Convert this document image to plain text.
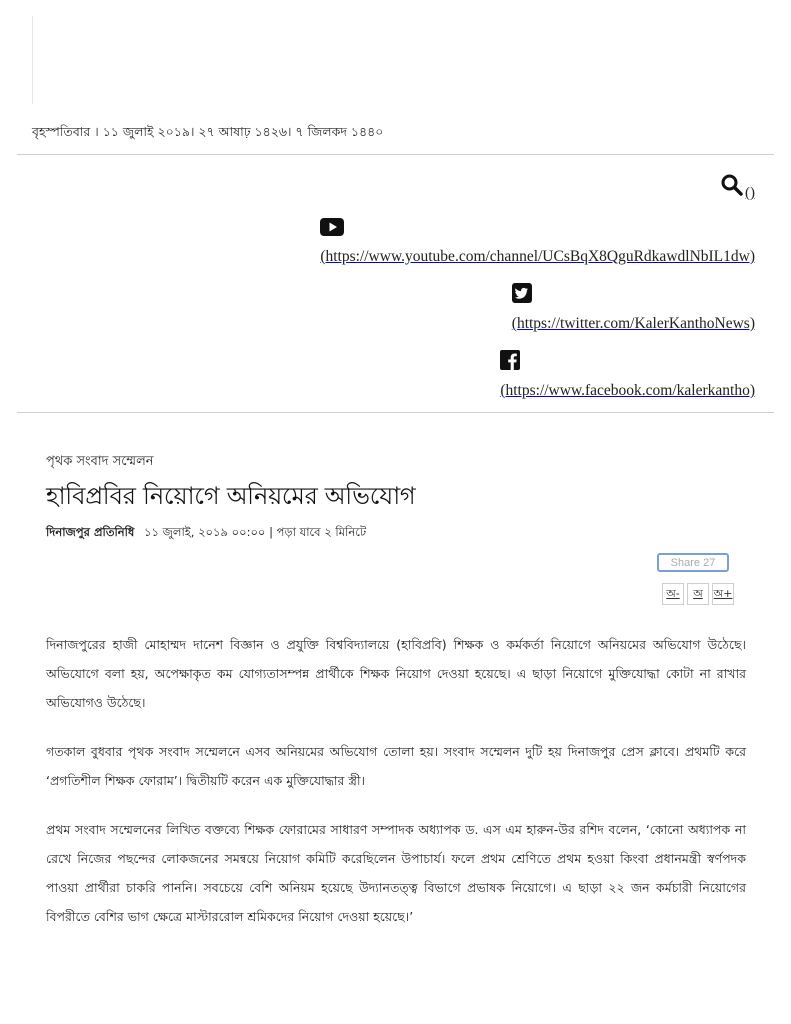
বৃহস্পতিবার । ১১ জুলাই ২০১৯। ২৭ আষাঢ় ১৪২৬। ৭ জিলকদ ১৪৪০
()
(https://www.youtube.com/channel/UCsBqX8QguRdkawdlNbIL1dw)
(https://twitter.com/KalerKanthoNews)
(https://www.facebook.com/kalerkantho)
পৃথক সংবাদ সম্মেলন
হাবিপ্রবির নিয়োগে অনিয়মের অভিযোগ
দিনাজপুর প্রতিনিধি ১১ জুলাই, ২০১৯ ০০:০০ | পড়া যাবে ২ মিনিটে
Share 27
অ-	অ অ+

দিনাজপুরের হাজী মোহাম্মদ দানেশ বিজ্ঞান ও প্রযুক্তি বিশ্ববিদ্যালয়ে (হাবিপ্রবি) শিক্ষক ও কর্মকর্তা নিয়োগে অনিয়মের অভিযোগ উঠেছে। অভিযোগে বলা হয়, অপেক্ষাকৃত কম যোগ্যতাসম্পন্ন প্রার্থীকে শিক্ষক নিয়োগ দেওয়া হয়েছে। এ ছাড়া নিয়োগে মুক্তিযোদ্ধা কোটা না রাখার অভিযোগও উঠেছে।

গতকাল বুধবার পৃথক সংবাদ সম্মেলনে এসব অনিয়মের অভিযোগ তোলা হয়। সংবাদ সম্মেলন দুটি হয় দিনাজপুর প্রেস ক্লাবে। প্রথমটি করে ‘প্রগতিশীল শিক্ষক ফোরাম’। দ্বিতীয়টি করেন এক মুক্তিযোদ্ধার স্ত্রী।

প্রথম সংবাদ সম্মেলনের লিখিত বক্তব্যে শিক্ষক ফোরামের সাধারণ সম্পাদক অধ্যাপক ড. এস এম হারুন-উর রশিদ বলেন, ‘কোনো অধ্যাপক না রেখে নিজের পছন্দের লোকজনের সমন্বয়ে নিয়োগ কমিটি করেছিলেন উপাচার্য। ফলে প্রথম শ্রেণিতে প্রথম হওয়া কিংবা প্রধানমন্ত্রী স্বর্ণপদক পাওয়া প্রার্থীরা চাকরি পাননি। সবচেয়ে বেশি অনিয়ম হয়েছে উদ্যানতত্ত্ব বিভাগে প্রভাষক নিয়োগে। এ ছাড়া ২২ জন কর্মচারী নিয়োগের বিপরীতে বেশির ভাগ ক্ষেত্রে মাস্টাররোল শ্রমিকদের নিয়োগ দেওয়া হয়েছে।’
